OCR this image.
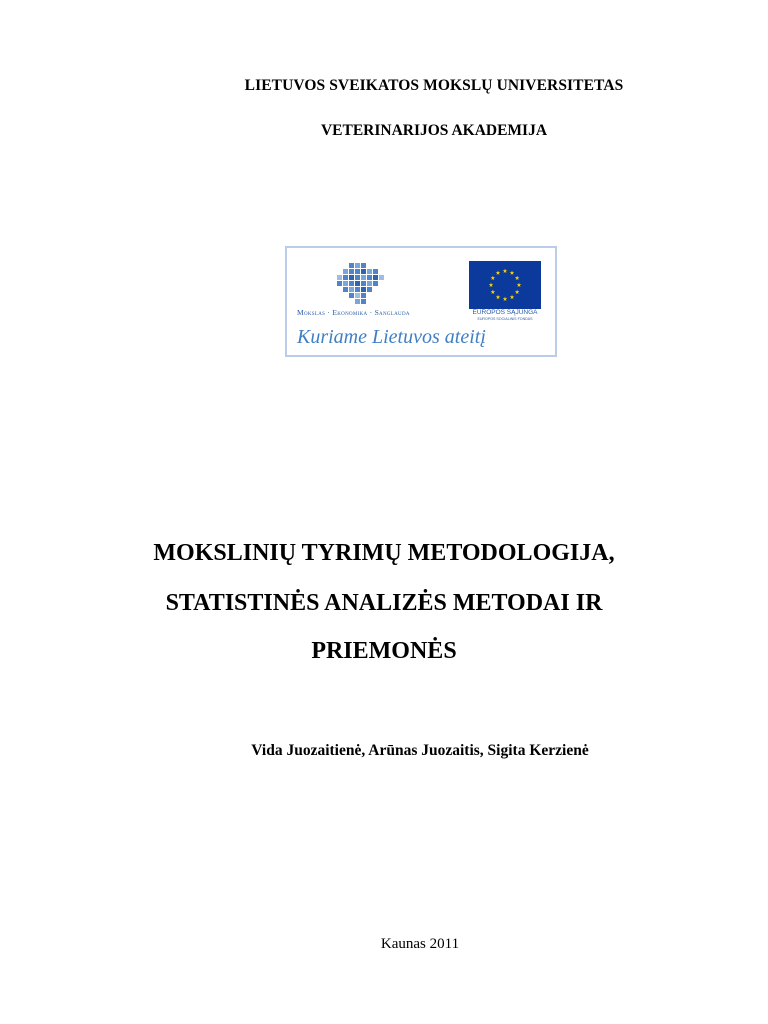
LIETUVOS SVEIKATOS MOKSLŲ UNIVERSITETAS
VETERINARIJOS AKADEMIJA
Mokslas · Ekonomika · Sanglauda	EUROPOS SĄJUNGA
EUROPOS SOCIALINIS FONDAS
Kuriame Lietuvos ateitį
MOKSLINIŲ TYRIMŲ METODOLOGIJA,
STATISTINĖS ANALIZĖS METODAI IR
PRIEMONĖS
Vida Juozaitienė, Arūnas Juozaitis, Sigita Kerzienė
Kaunas 2011
